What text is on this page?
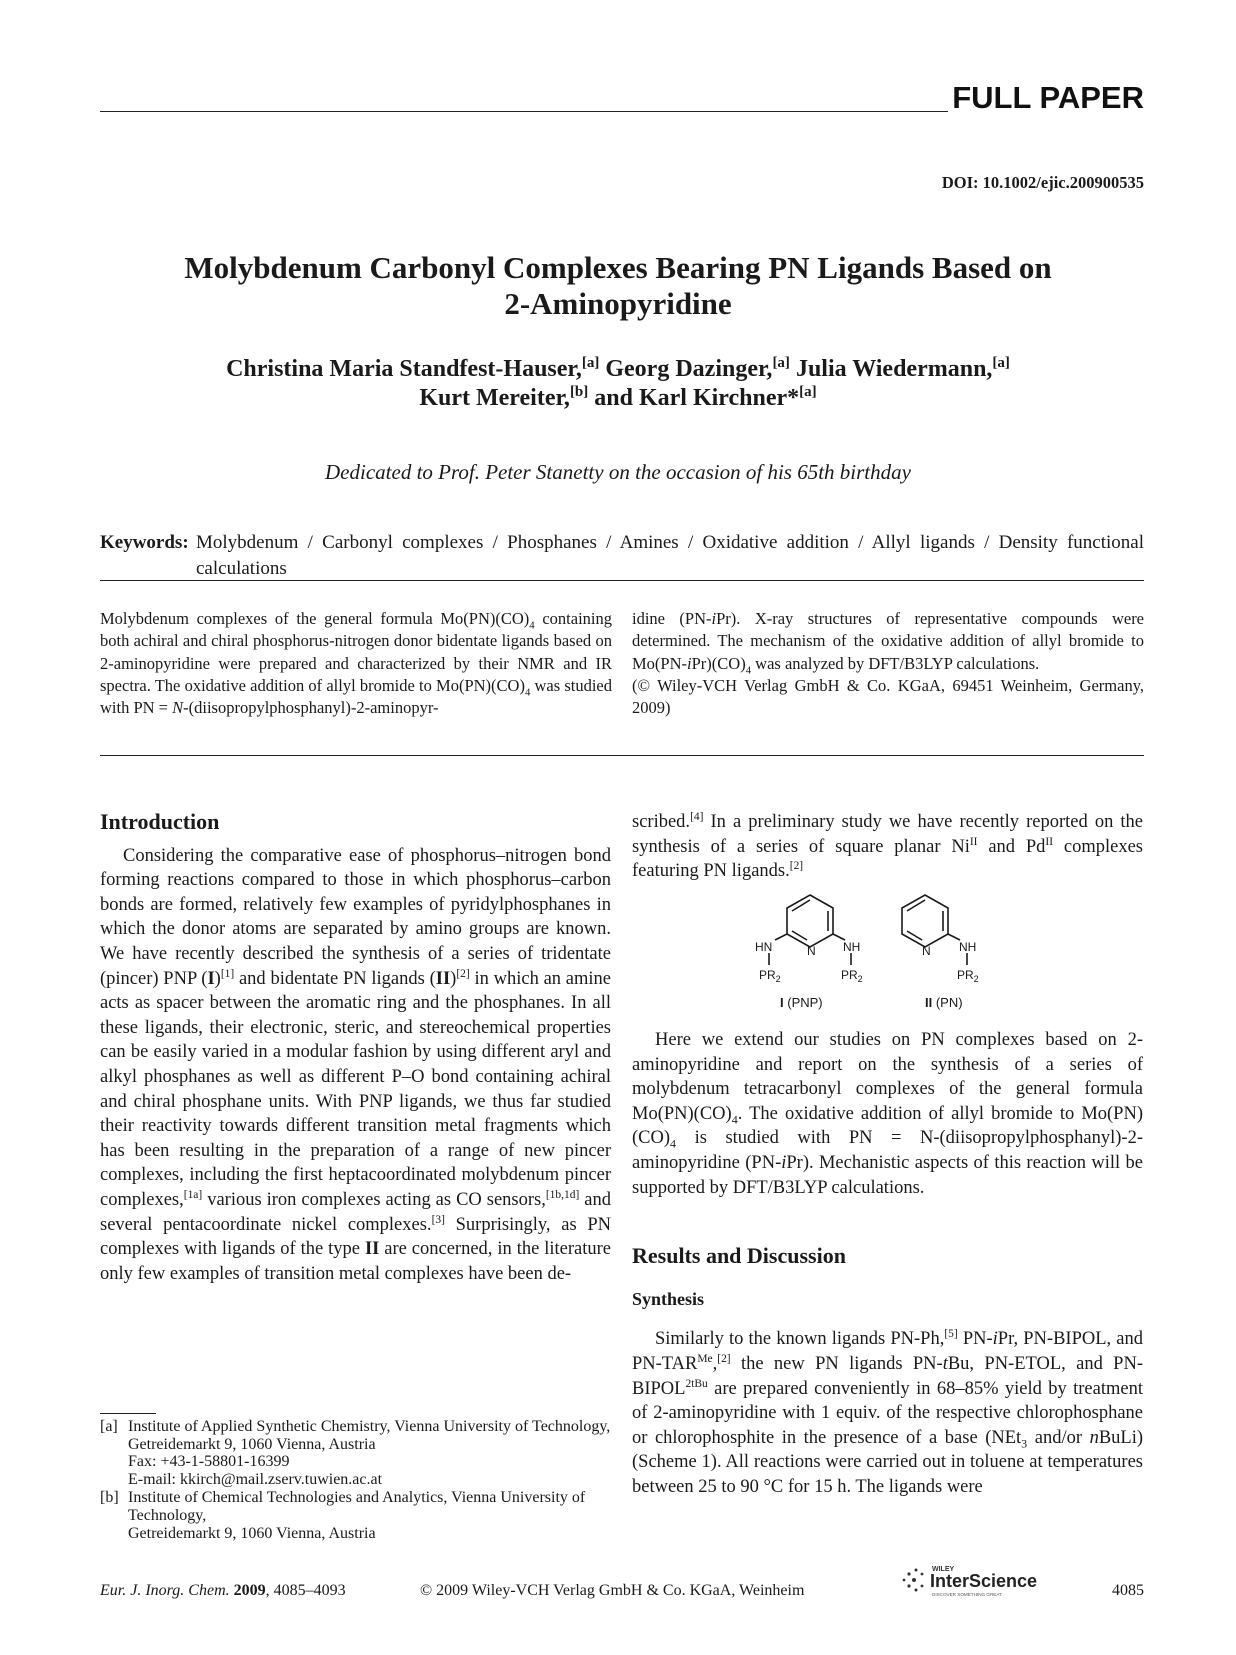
FULL PAPER
DOI: 10.1002/ejic.200900535
Molybdenum Carbonyl Complexes Bearing PN Ligands Based on
2-Aminopyridine
Christina Maria Standfest-Hauser,[a] Georg Dazinger,[a] Julia Wiedermann,[a]
Kurt Mereiter,[b] and Karl Kirchner*[a]
Dedicated to Prof. Peter Stanetty on the occasion of his 65th birthday
Keywords: Molybdenum / Carbonyl complexes / Phosphanes / Amines / Oxidative addition / Allyl ligands / Density functional calculations
Molybdenum complexes of the general formula $Mo(PN)(CO)_4$ containing both achiral and chiral phosphorus-nitrogen donor bidentate ligands based on 2-aminopyridine were prepared and characterized by their NMR and IR spectra. The oxidative addition of allyl bromide to $Mo(PN)(CO)_4$ was studied with PN = N-(diisopropylphosphanyl)-2-aminopyr-
idine (PN-iPr). X-ray structures of representative compounds were determined. The mechanism of the oxidative addition of allyl bromide to $Mo(PN-iPr)(CO)_4$ was analyzed by DFT/B3LYP calculations.
(© Wiley-VCH Verlag GmbH & Co. KGaA, 69451 Weinheim, Germany, 2009)
Introduction

Considering the comparative ease of phosphorus–nitrogen bond forming reactions compared to those in which phosphorus–carbon bonds are formed, relatively few examples of pyridylphosphanes in which the donor atoms are separated by amino groups are known. We have recently described the synthesis of a series of tridentate (pincer) PNP (I)[1] and bidentate PN ligands (II)[2] in which an amine acts as spacer between the aromatic ring and the phosphanes. In all these ligands, their electronic, steric, and stereochemical properties can be easily varied in a modular fashion by using different aryl and alkyl phosphanes as well as different P–O bond containing achiral and chiral phosphane units. With PNP ligands, we thus far studied their reactivity towards different transition metal fragments which has been resulting in the preparation of a range of new pincer complexes, including the first heptacoordinated molybdenum pincer complexes,[1a] various iron complexes acting as CO sensors,[1b,1d] and several pentacoordinate nickel complexes.[3] Surprisingly, as PN complexes with ligands of the type II are concerned, in the literature only few examples of transition metal complexes have been de-

scribed.[4] In a preliminary study we have recently reported on the synthesis of a series of square planar $Ni^{II}$ and $Pd^{II}$ complexes featuring PN ligands.[2]

HN	N NH
$PR_2$	$PR_2$
N NH
$PR_2$
I (PNP)	II (PN)

Here we extend our studies on PN complexes based on 2-aminopyridine and report on the synthesis of a series of molybdenum tetracarbonyl complexes of the general formula $Mo(PN)(CO)_4$. The oxidative addition of allyl bromide to $Mo(PN)(CO)_4$ is studied with PN = N-(diisopropylphosphanyl)-2-aminopyridine (PN-iPr). Mechanistic aspects of this reaction will be supported by DFT/B3LYP calculations.

Results and Discussion
Synthesis

Similarly to the known ligands PN-Ph,[5] PN-iPr, PN-BIPOL, and $PN-TAR^{Me},[2]$ the new PN ligands PN-tBu, PN-ETOL, and $PN-BIPOL^{2tBu}$ are prepared conveniently in 68–85% yield by treatment of 2-aminopyridine with 1 equiv. of the respective chlorophosphane or chlorophosphite in the presence of a base (NEt$_3$ and/or nBuLi) (Scheme 1). All reactions were carried out in toluene at temperatures between 25 to 90 °C for 15 h. The ligands were

[a] Institute of Applied Synthetic Chemistry, Vienna University of Technology,
Getreidemarkt 9, 1060 Vienna, Austria
Fax: +43-1-58801-16399
E-mail: kkirch@mail.zserv.tuwien.ac.at
[b] Institute of Chemical Technologies and Analytics, Vienna University of Technology,
Getreidemarkt 9, 1060 Vienna, Austria
Eur. J. Inorg. Chem. 2009, 4085–4093	© 2009 Wiley-VCH Verlag GmbH & Co. KGaA, Weinheim
WILEY
InterScience
DISCOVER SOMETHING GREAT	4085
